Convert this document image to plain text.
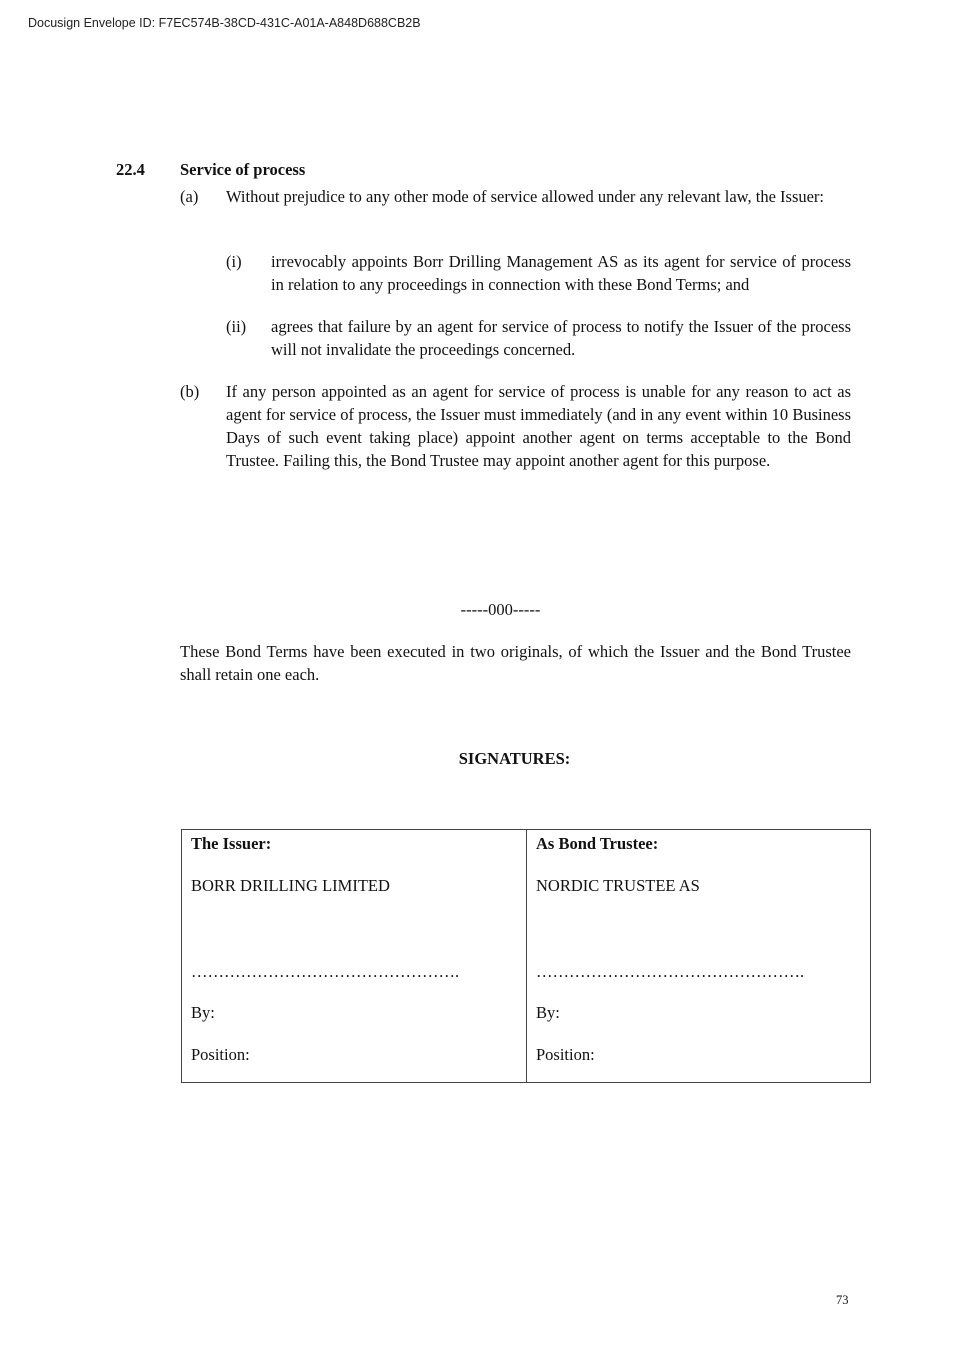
Docusign Envelope ID: F7EC574B-38CD-431C-A01A-A848D688CB2B
22.4 Service of process
(a) Without prejudice to any other mode of service allowed under any relevant law, the Issuer:
(i) irrevocably appoints Borr Drilling Management AS as its agent for service of process in relation to any proceedings in connection with these Bond Terms; and
(ii) agrees that failure by an agent for service of process to notify the Issuer of the process will not invalidate the proceedings concerned.
(b) If any person appointed as an agent for service of process is unable for any reason to act as agent for service of process, the Issuer must immediately (and in any event within 10 Business Days of such event taking place) appoint another agent on terms acceptable to the Bond Trustee. Failing this, the Bond Trustee may appoint another agent for this purpose.
-----000-----
These Bond Terms have been executed in two originals, of which the Issuer and the Bond Trustee shall retain one each.
SIGNATURES:
The Issuer:
BORR DRILLING LIMITED
………………………………………….
By:
Position:
As Bond Trustee:
NORDIC TRUSTEE AS
………………………………………….
By:
Position:
73
